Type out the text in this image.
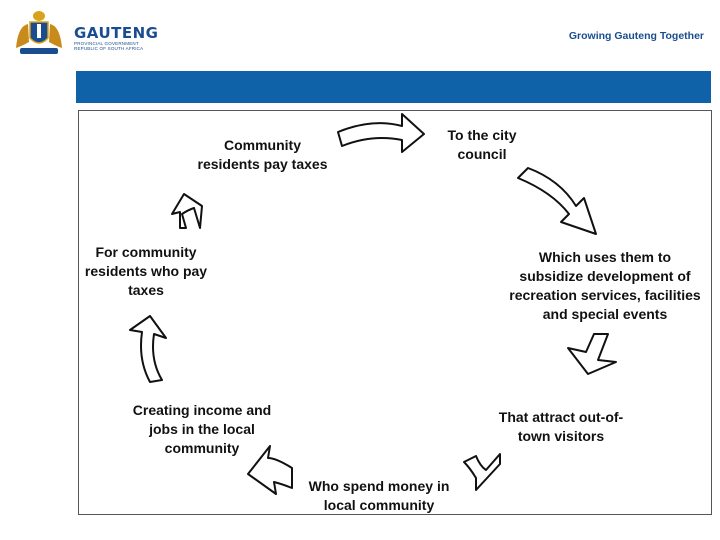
GAUTENG
PROVINCIAL GOVERNMENT
REPUBLIC OF SOUTH AFRICA
Growing Gauteng Together
Community
residents pay taxes
To the city
council
Which uses them to
subsidize development of
recreation services, facilities
and special events
That attract out-of-
town visitors
Who spend money in
local community
Creating income and
jobs in the local
community
For community
residents who pay
taxes
